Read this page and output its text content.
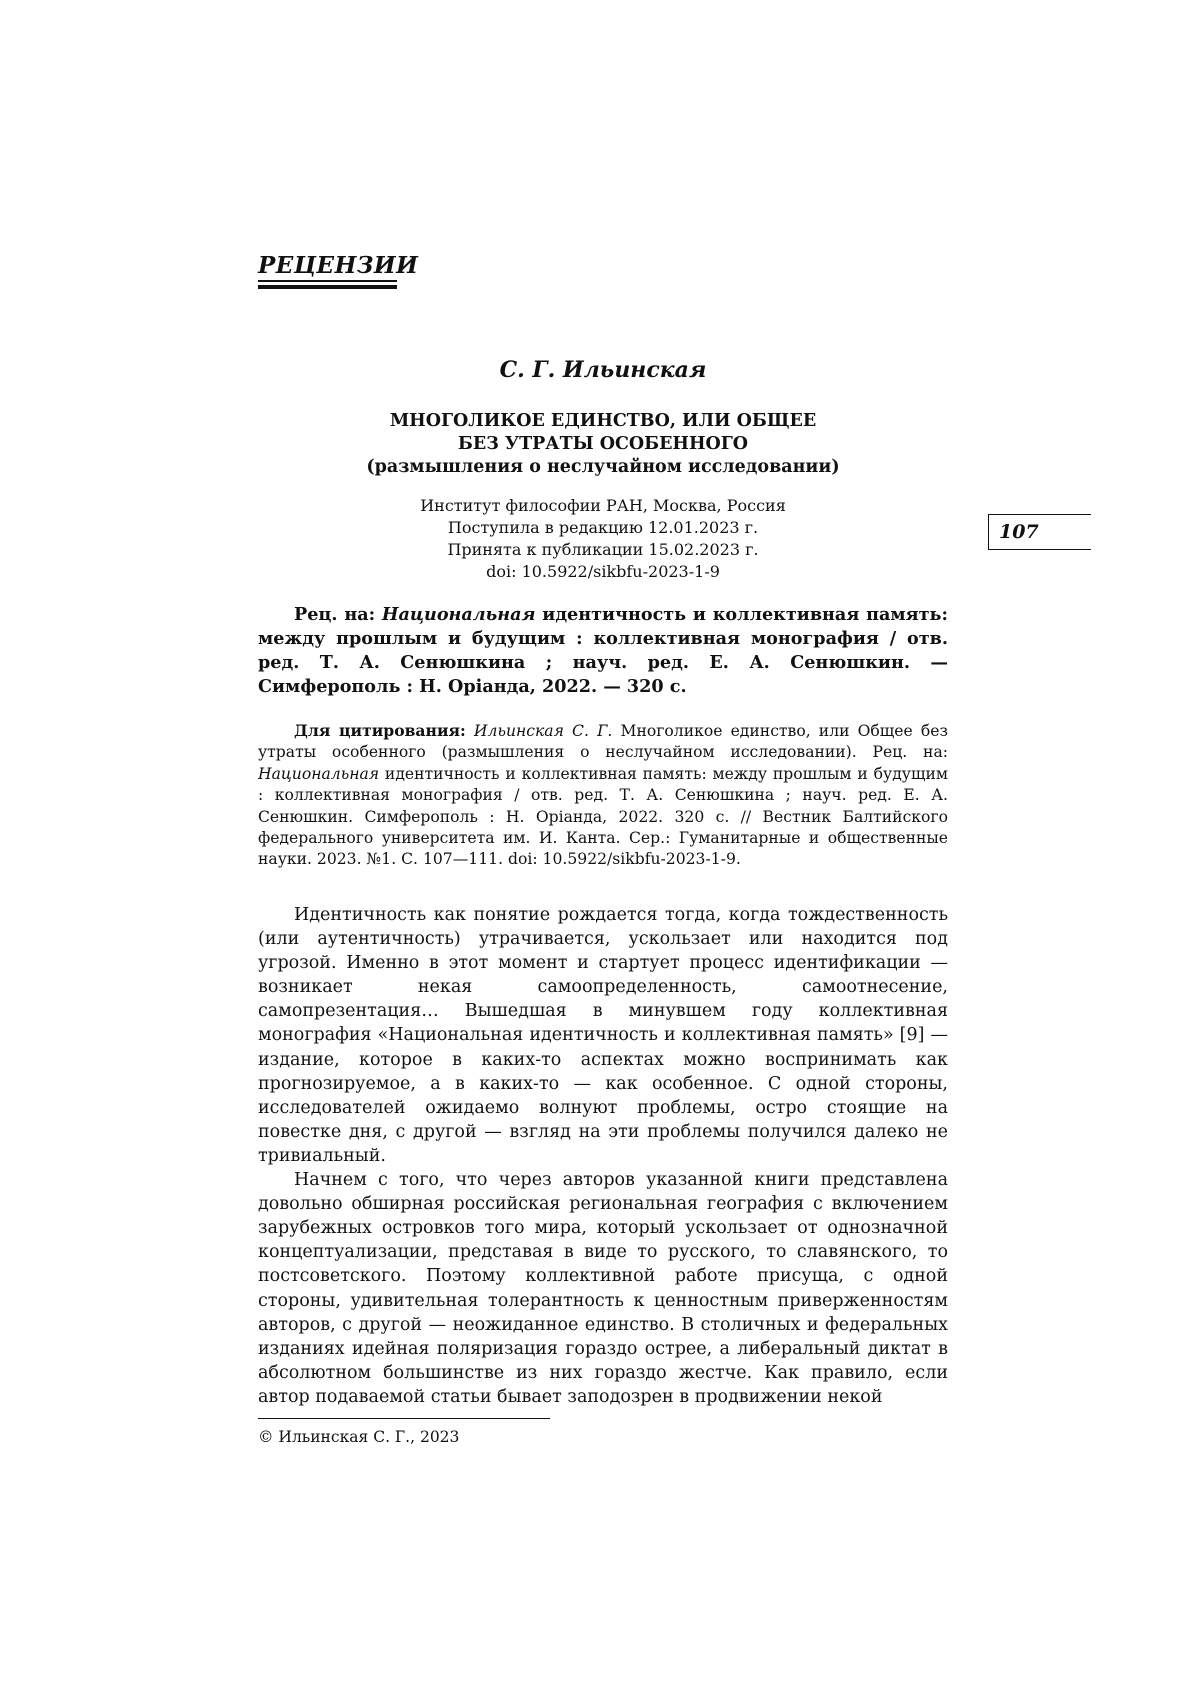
РЕЦЕНЗИИ
С. Г. Ильинская
МНОГОЛИКОЕ ЕДИНСТВО, ИЛИ ОБЩЕЕ
БЕЗ УТРАТЫ ОСОБЕННОГО
(размышления о неслучайном исследовании)
Институт философии РАН, Москва, Россия
Поступила в редакцию 12.01.2023 г.
Принята к публикации 15.02.2023 г.
doi: 10.5922/sikbfu-2023-1-9
107
Рец. на: Национальная идентичность и коллективная память: между прошлым и будущим : коллективная монография / отв. ред. Т. А. Сенюшкина ; науч. ред. Е. А. Сенюшкин. — Симферополь : Н. Оріанда, 2022. — 320 с.
Для цитирования: Ильинская С. Г. Многоликое единство, или Общее без утраты особенного (размышления о неслучайном исследовании). Рец. на: Национальная идентичность и коллективная память: между прошлым и будущим : коллективная монография / отв. ред. Т. А. Сенюшкина ; науч. ред. Е. А. Сенюшкин. Симферополь : Н. Оріанда, 2022. 320 с. // Вестник Балтийского федерального университета им. И. Канта. Сер.: Гуманитарные и общественные науки. 2023. №1. С. 107—111. doi: 10.5922/sikbfu-2023-1-9.

Идентичность как понятие рождается тогда, когда тождественность (или аутентичность) утрачивается, ускользает или находится под угрозой. Именно в этот момент и стартует процесс идентификации — возникает некая самоопределенность, самоотнесение, самопрезентация… Вышедшая в минувшем году коллективная монография «Национальная идентичность и коллективная память» [9] — издание, которое в каких-то аспектах можно воспринимать как прогнозируемое, а в каких-то — как особенное. С одной стороны, исследователей ожидаемо волнуют проблемы, остро стоящие на повестке дня, с другой — взгляд на эти проблемы получился далеко не тривиальный.

Начнем с того, что через авторов указанной книги представлена довольно обширная российская региональная география с включением зарубежных островков того мира, который ускользает от однозначной концептуализации, представая в виде то русского, то славянского, то постсоветского. Поэтому коллективной работе присуща, с одной стороны, удивительная толерантность к ценностным приверженностям авторов, с другой — неожиданное единство. В столичных и федеральных изданиях идейная поляризация гораздо острее, а либеральный диктат в абсолютном большинстве из них гораздо жестче. Как правило, если автор подаваемой статьи бывает заподозрен в продвижении некой

© Ильинская С. Г., 2023
